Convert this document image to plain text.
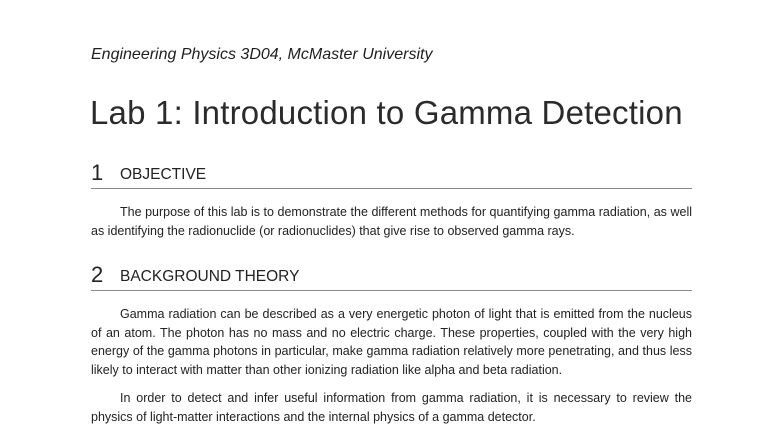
Engineering Physics 3D04, McMaster University
Lab 1: Introduction to Gamma Detection
1 OBJECTIVE
The purpose of this lab is to demonstrate the different methods for quantifying gamma radiation, as well as identifying the radionuclide (or radionuclides) that give rise to observed gamma rays.
2 BACKGROUND THEORY
Gamma radiation can be described as a very energetic photon of light that is emitted from the nucleus of an atom. The photon has no mass and no electric charge. These properties, coupled with the very high energy of the gamma photons in particular, make gamma radiation relatively more penetrating, and thus less likely to interact with matter than other ionizing radiation like alpha and beta radiation.
In order to detect and infer useful information from gamma radiation, it is necessary to review the physics of light-matter interactions and the internal physics of a gamma detector.
